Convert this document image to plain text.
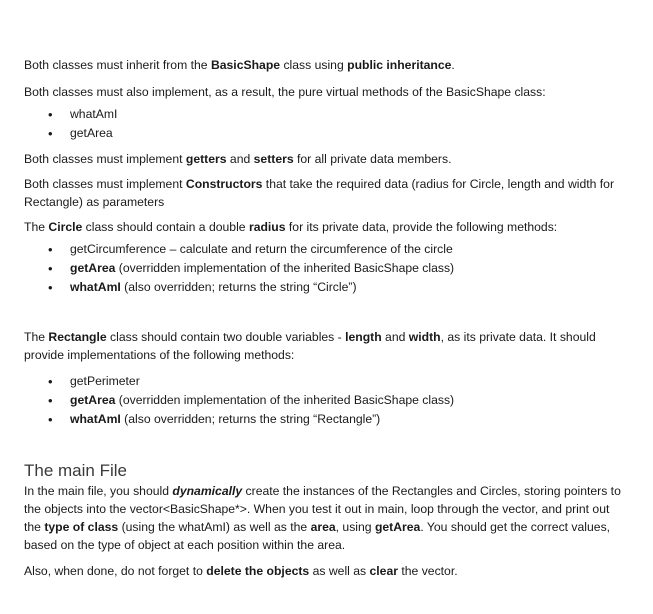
Both classes must inherit from the BasicShape class using public inheritance.

Both classes must also implement, as a result, the pure virtual methods of the BasicShape class:

• whatAmI
• getArea

Both classes must implement getters and setters for all private data members.

Both classes must implement Constructors that take the required data (radius for Circle, length and width for
Rectangle) as parameters

The Circle class should contain a double radius for its private data, provide the following methods:

• getCircumference – calculate and return the circumference of the circle
• getArea (overridden implementation of the inherited BasicShape class)
• whatAmI (also overridden; returns the string “Circle”)

The Rectangle class should contain two double variables - length and width, as its private data. It should
provide implementations of the following methods:

• getPerimeter
• getArea (overridden implementation of the inherited BasicShape class)
• whatAmI (also overridden; returns the string “Rectangle”)

The main File

In the main file, you should dynamically create the instances of the Rectangles and Circles, storing pointers to
the objects into the vector<BasicShape*>. When you test it out in main, loop through the vector, and print out
the type of class (using the whatAmI) as well as the area, using getArea. You should get the correct values,
based on the type of object at each position within the area.

Also, when done, do not forget to delete the objects as well as clear the vector.
